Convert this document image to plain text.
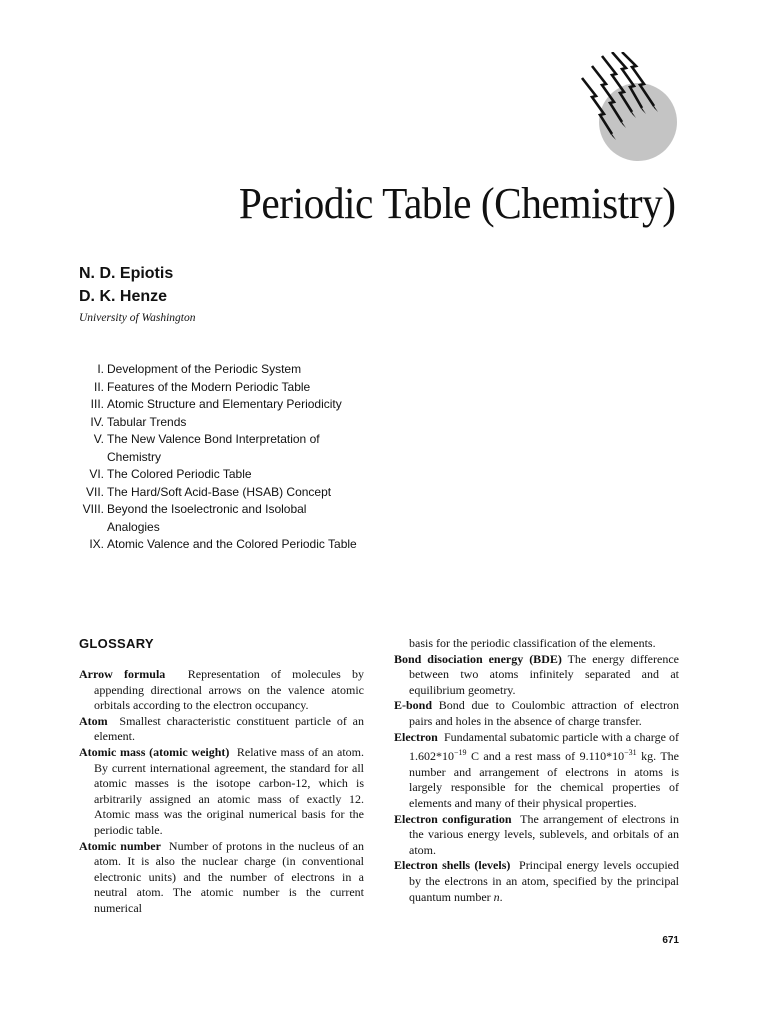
Periodic Table (Chemistry)

N. D. Epiotis

D. K. Henze

University of Washington
I. Development of the Periodic System
II. Features of the Modern Periodic Table
III. Atomic Structure and Elementary Periodicity
IV. Tabular Trends
V. The New Valence Bond Interpretation of Chemistry
VI. The Colored Periodic Table
VII. The Hard/Soft Acid-Base (HSAB) Concept
VIII. Beyond the Isoelectronic and Isolobal Analogies
IX. Atomic Valence and the Colored Periodic Table
GLOSSARY

Arrow formula Representation of molecules by appending directional arrows on the valence atomic orbitals according to the electron occupancy.

Atom Smallest characteristic constituent particle of an element.

Atomic mass (atomic weight) Relative mass of an atom. By current international agreement, the standard for all atomic masses is the isotope carbon-12, which is arbitrarily assigned an atomic mass of exactly 12. Atomic mass was the original numerical basis for the periodic table.

Atomic number Number of protons in the nucleus of an atom. It is also the nuclear charge (in conventional electronic units) and the number of electrons in a neutral atom. The atomic number is the current numerical

basis for the periodic classification of the elements.

Bond disociation energy (BDE) The energy difference between two atoms infinitely separated and at equilibrium geometry.

E-bond Bond due to Coulombic attraction of electron pairs and holes in the absence of charge transfer.

Electron Fundamental subatomic particle with a charge of $1.602*10^{-19}$ C and a rest mass of $9.110*10^{-31}$ kg. The number and arrangement of electrons in atoms is largely responsible for the chemical properties of elements and many of their physical properties.

Electron configuration The arrangement of electrons in the various energy levels, sublevels, and orbitals of an atom.

Electron shells (levels) Principal energy levels occupied by the electrons in an atom, specified by the principal quantum number n.

671
